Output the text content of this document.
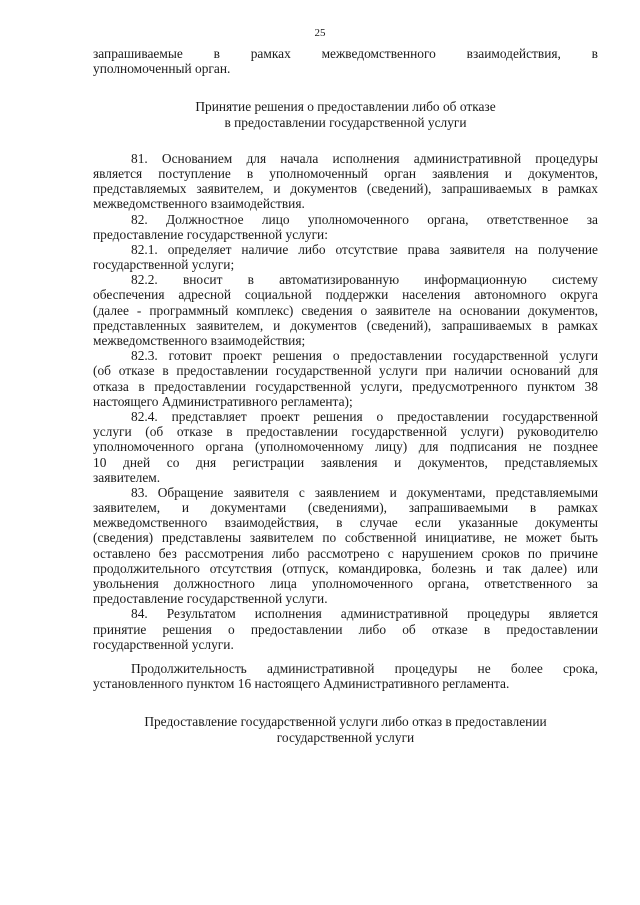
25
запрашиваемые в рамках межведомственного взаимодействия, в
уполномоченный орган.
Принятие решения о предоставлении либо об отказе
в предоставлении государственной услуги
81. Основанием для начала исполнения административной процедуры
является поступление в уполномоченный орган заявления и документов,
представляемых заявителем, и документов (сведений), запрашиваемых в рамках
межведомственного взаимодействия.
82. Должностное лицо уполномоченного органа, ответственное за
предоставление государственной услуги:
82.1. определяет наличие либо отсутствие права заявителя на получение
государственной услуги;
82.2. вносит в автоматизированную информационную систему
обеспечения адресной социальной поддержки населения автономного округа
(далее - программный комплекс) сведения о заявителе на основании документов,
представленных заявителем, и документов (сведений), запрашиваемых в рамках
межведомственного взаимодействия;
82.3. готовит проект решения о предоставлении государственной услуги
(об отказе в предоставлении государственной услуги при наличии оснований для
отказа в предоставлении государственной услуги, предусмотренного пунктом 38
настоящего Административного регламента);
82.4. представляет проект решения о предоставлении государственной
услуги (об отказе в предоставлении государственной услуги) руководителю
уполномоченного органа (уполномоченному лицу) для подписания не позднее
10 дней со дня регистрации заявления и документов, представляемых
заявителем.
83. Обращение заявителя с заявлением и документами, представляемыми
заявителем, и документами (сведениями), запрашиваемыми в рамках
межведомственного взаимодействия, в случае если указанные документы
(сведения) представлены заявителем по собственной инициативе, не может быть
оставлено без рассмотрения либо рассмотрено с нарушением сроков по причине
продолжительного отсутствия (отпуск, командировка, болезнь и так далее) или
увольнения должностного лица уполномоченного органа, ответственного за
предоставление государственной услуги.
84. Результатом исполнения административной процедуры является
принятие решения о предоставлении либо об отказе в предоставлении
государственной услуги.
Продолжительность административной процедуры не более срока,
установленного пунктом 16 настоящего Административного регламента.
Предоставление государственной услуги либо отказ в предоставлении
государственной услуги
